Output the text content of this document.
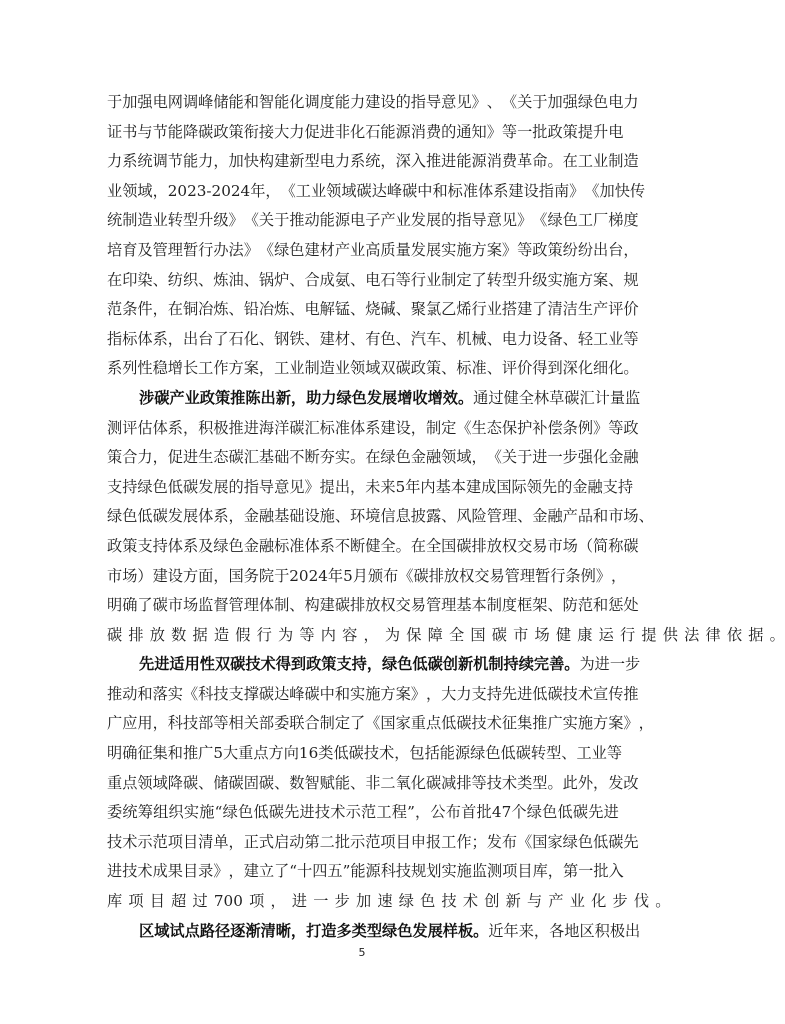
于 加 强 电 网 调 峰 储 能 和 智 能 化 调 度 能 力 建 设 的 指 导 意 见 》 、 《 关 于 加 强 绿 色 电 力
证 书 与 节 能 降 碳 政 策 衔 接 大 力 促 进 非 化 石 能 源 消 费 的 通 知 》 等 一 批 政 策 提 升 电
力 系 统 调 节 能 力 ， 加 快 构 建 新 型 电 力 系 统 ， 深 入 推 进 能 源 消 费 革 命 。 在 工 业 制 造
业 领 域 ， 2023-2024 年 ， 《 工 业 领 域 碳 达 峰 碳 中 和 标 准 体 系 建 设 指 南 》 《 加 快 传
统 制 造 业 转 型 升 级 》 《 关 于 推 动 能 源 电 子 产 业 发 展 的 指 导 意 见 》 《 绿 色 工 厂 梯 度
培 育 及 管 理 暂 行 办 法 》 《 绿 色 建 材 产 业 高 质 量 发 展 实 施 方 案 》 等 政 策 纷 纷 出 台 ，
在 印 染 、 纺 织 、 炼 油 、 锅 炉 、 合 成 氨 、 电 石 等 行 业 制 定 了 转 型 升 级 实 施 方 案 、 规
范 条 件 ， 在 铜 冶 炼 、 铅 冶 炼 、 电 解 锰 、 烧 碱 、 聚 氯 乙 烯 行 业 搭 建 了 清 洁 生 产 评 价
指 标 体 系 ， 出 台 了 石 化 、 钢 铁 、 建 材 、 有 色 、 汽 车 、 机 械 、 电 力 设 备 、 轻 工 业 等
系 列 性 稳 增 长 工 作 方 案 ， 工 业 制 造 业 领 域 双 碳 政 策 、 标 准 、 评 价 得 到 深 化 细 化 。
涉 碳 产 业 政 策 推 陈 出 新 ， 助 力 绿 色 发 展 增 收 增 效 。 通 过 健 全 林 草 碳 汇 计 量 监
测 评 估 体 系 ， 积 极 推 进 海 洋 碳 汇 标 准 体 系 建 设 ， 制 定 《 生 态 保 护 补 偿 条 例 》 等 政
策 合 力 ， 促 进 生 态 碳 汇 基 础 不 断 夯 实 。 在 绿 色 金 融 领 域 ， 《 关 于 进 一 步 强 化 金 融
支 持 绿 色 低 碳 发 展 的 指 导 意 见 》 提 出 ， 未 来 5 年 内 基 本 建 成 国 际 领 先 的 金 融 支 持
绿 色 低 碳 发 展 体 系 ， 金 融 基 础 设 施 、 环 境 信 息 披 露 、 风 险 管 理 、 金 融 产 品 和 市 场 、
政 策 支 持 体 系 及 绿 色 金 融 标 准 体 系 不 断 健 全 。 在 全 国 碳 排 放 权 交 易 市 场 （ 简 称 碳
市 场 ） 建 设 方 面 ， 国 务 院 于 2024 年 5 月 颁 布 《 碳 排 放 权 交 易 管 理 暂 行 条 例 》 ，
明 确 了 碳 市 场 监 督 管 理 体 制 、 构 建 碳 排 放 权 交 易 管 理 基 本 制 度 框 架 、 防 范 和 惩 处
碳 排 放 数 据 造 假 行 为 等 内 容 ， 为 保 障 全 国 碳 市 场 健 康 运 行 提 供 法 律 依 据 。
先 进 适 用 性 双 碳 技 术 得 到 政 策 支 持 ， 绿 色 低 碳 创 新 机 制 持 续 完 善 。 为 进 一 步
推 动 和 落 实 《 科 技 支 撑 碳 达 峰 碳 中 和 实 施 方 案 》 ， 大 力 支 持 先 进 低 碳 技 术 宣 传 推
广 应 用 ， 科 技 部 等 相 关 部 委 联 合 制 定 了 《 国 家 重 点 低 碳 技 术 征 集 推 广 实 施 方 案 》 ，
明 确 征 集 和 推 广 5 大 重 点 方 向 16 类 低 碳 技 术 ， 包 括 能 源 绿 色 低 碳 转 型 、 工 业 等
重 点 领 域 降 碳 、 储 碳 固 碳 、 数 智 赋 能 、 非 二 氧 化 碳 减 排 等 技 术 类 型 。 此 外 ， 发 改
委 统 筹 组 织 实 施 “ 绿 色 低 碳 先 进 技 术 示 范 工 程 ” ， 公 布 首 批 47 个 绿 色 低 碳 先 进
技 术 示 范 项 目 清 单 ， 正 式 启 动 第 二 批 示 范 项 目 申 报 工 作 ； 发 布 《 国 家 绿 色 低 碳 先
进 技 术 成 果 目 录 》 ， 建 立 了 “ 十 四 五 ” 能 源 科 技 规 划 实 施 监 测 项 目 库 ， 第 一 批 入
库 项 目 超 过 700 项 ， 进 一 步 加 速 绿 色 技 术 创 新 与 产 业 化 步 伐 。
区 域 试 点 路 径 逐 渐 清 晰 ， 打 造 多 类 型 绿 色 发 展 样 板 。 近 年 来 ， 各 地 区 积 极 出
5
